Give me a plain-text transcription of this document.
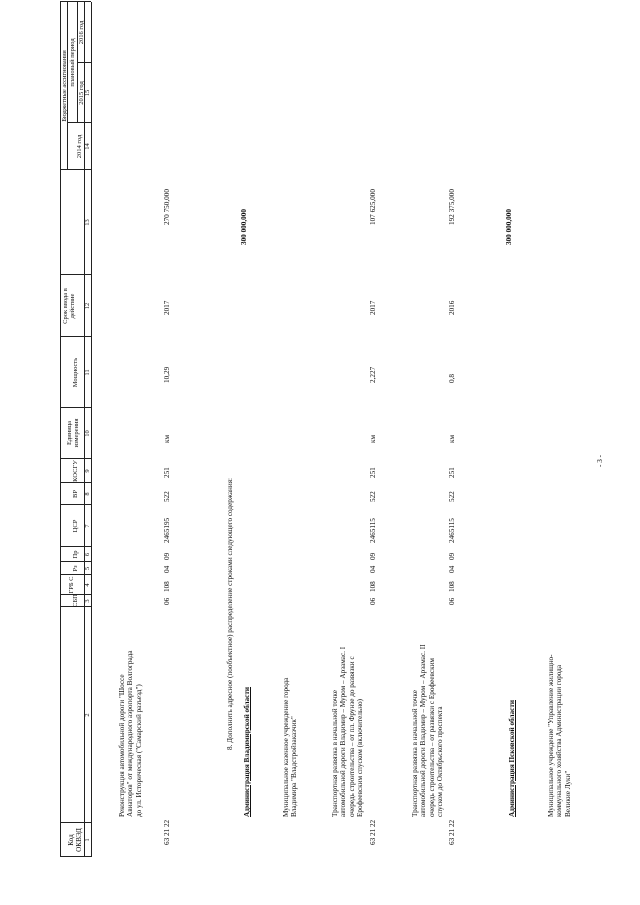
Код ОКВЭД
СБП
ГРБ С
Рз
Пр
ЦСР
ВР
КОСГУ
Единица измерения
Мощность
Срок ввода в действие
Бюджетные ассигнования плановый период
2014 год
2015 год
2016 год
1
2
3
4
5
6
7
8
9
10
11
12
13
14
15
Реконструкция автомобильной дороги "Шоссе Авиаторов" от международного аэропорта Волгограда до ул. Историческая ("Самарский разъезд")
63 21 22
06
108
04
09
2465195
522
251
км
10,29
2017
270 750,000
8. Дополнить адресное (пообъектное) распределение строками следующего содержания:
Администрация Владимирской области
300 000,000
Муниципальное казенное учреждение города Владимира "Владстройзаказчик"	Транспортная развязка в начальной точке автомобильной дороги Владимир – Муром – Арзамас. I очередь строительства – от пл. Фрунзе до развязки с Ерофеевским спуском (включительно)
63 21 22
06
108
04
09
2465115
522
251
км
2,227
2017
107 625,000
Транспортная развязка в начальной точке автомобильной дороги Владимир – Муром – Арзамас. II очередь строительства – от развязки с Ерофеевским спуском до Октябрьского проспекта
63 21 22
06
108
04
09
2465115
522
251
км
0,8
2016
192 375,000
Администрация Псковской области
300 000,000
Муниципальное учреждение "Управление жилищно-коммунального хозяйства Администрации города Великие Луки"
- 3 -
